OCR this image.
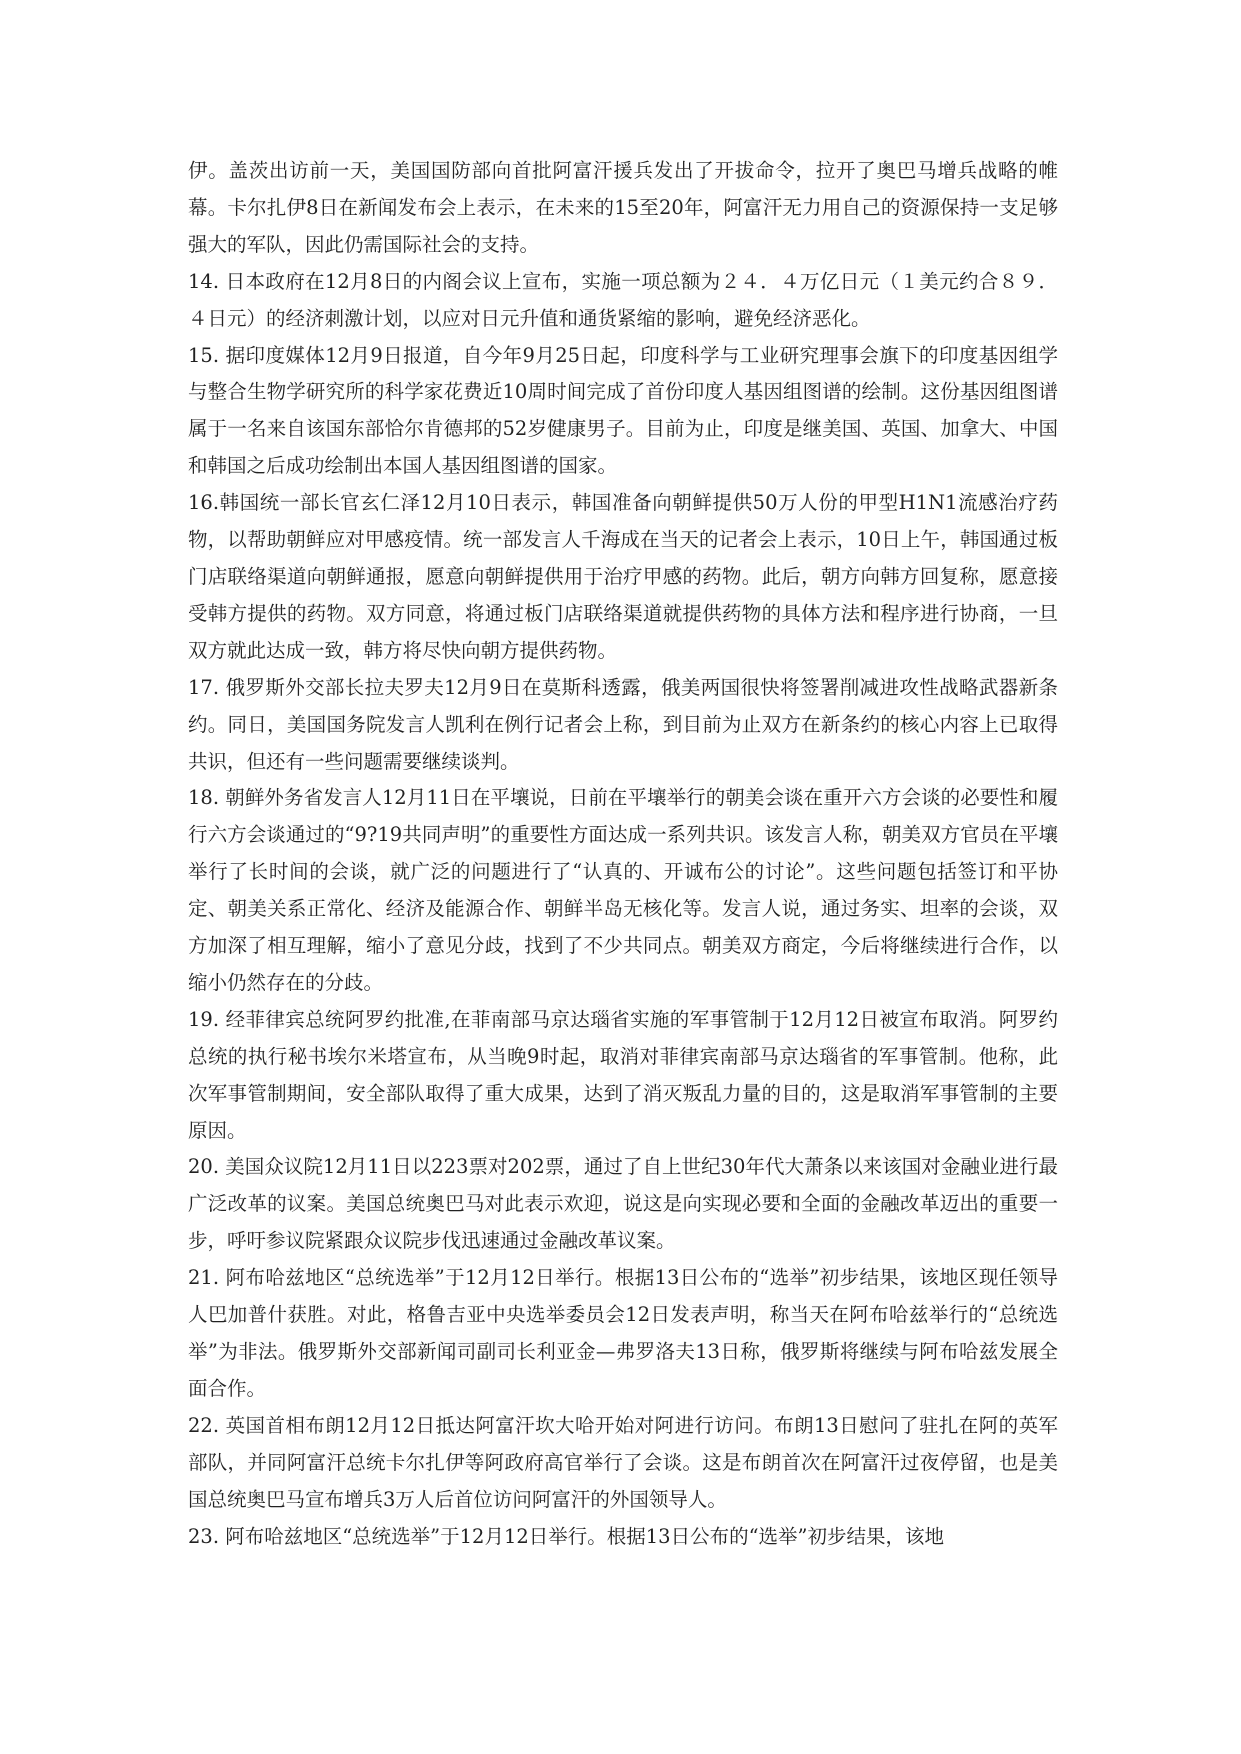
伊。盖茨出访前一天，美国国防部向首批阿富汗援兵发出了开拔命令，拉开了奥巴马增兵战略的帷幕。卡尔扎伊8日在新闻发布会上表示，在未来的15至20年，阿富汗无力用自己的资源保持一支足够强大的军队，因此仍需国际社会的支持。

14. 日本政府在12月8日的内阁会议上宣布，实施一项总额为２４．４万亿日元（１美元约合８９．４日元）的经济刺激计划，以应对日元升值和通货紧缩的影响，避免经济恶化。

15. 据印度媒体12月9日报道，自今年9月25日起，印度科学与工业研究理事会旗下的印度基因组学与整合生物学研究所的科学家花费近10周时间完成了首份印度人基因组图谱的绘制。这份基因组图谱属于一名来自该国东部恰尔肯德邦的52岁健康男子。目前为止，印度是继美国、英国、加拿大、中国和韩国之后成功绘制出本国人基因组图谱的国家。

16.韩国统一部长官玄仁泽12月10日表示，韩国准备向朝鲜提供50万人份的甲型H1N1流感治疗药物，以帮助朝鲜应对甲感疫情。统一部发言人千海成在当天的记者会上表示，10日上午，韩国通过板门店联络渠道向朝鲜通报，愿意向朝鲜提供用于治疗甲感的药物。此后，朝方向韩方回复称，愿意接受韩方提供的药物。双方同意，将通过板门店联络渠道就提供药物的具体方法和程序进行协商，一旦双方就此达成一致，韩方将尽快向朝方提供药物。

17. 俄罗斯外交部长拉夫罗夫12月9日在莫斯科透露，俄美两国很快将签署削减进攻性战略武器新条约。同日，美国国务院发言人凯利在例行记者会上称，到目前为止双方在新条约的核心内容上已取得共识，但还有一些问题需要继续谈判。

18. 朝鲜外务省发言人12月11日在平壤说，日前在平壤举行的朝美会谈在重开六方会谈的必要性和履行六方会谈通过的“9?19共同声明”的重要性方面达成一系列共识。该发言人称，朝美双方官员在平壤举行了长时间的会谈，就广泛的问题进行了“认真的、开诚布公的讨论”。这些问题包括签订和平协定、朝美关系正常化、经济及能源合作、朝鲜半岛无核化等。发言人说，通过务实、坦率的会谈，双方加深了相互理解，缩小了意见分歧，找到了不少共同点。朝美双方商定，今后将继续进行合作，以缩小仍然存在的分歧。

19. 经菲律宾总统阿罗约批准,在菲南部马京达瑙省实施的军事管制于12月12日被宣布取消。阿罗约总统的执行秘书埃尔米塔宣布，从当晚9时起，取消对菲律宾南部马京达瑙省的军事管制。他称，此次军事管制期间，安全部队取得了重大成果，达到了消灭叛乱力量的目的，这是取消军事管制的主要原因。

20. 美国众议院12月11日以223票对202票，通过了自上世纪30年代大萧条以来该国对金融业进行最广泛改革的议案。美国总统奥巴马对此表示欢迎，说这是向实现必要和全面的金融改革迈出的重要一步，呼吁参议院紧跟众议院步伐迅速通过金融改革议案。

21. 阿布哈兹地区“总统选举”于12月12日举行。根据13日公布的“选举”初步结果，该地区现任领导人巴加普什获胜。对此，格鲁吉亚中央选举委员会12日发表声明，称当天在阿布哈兹举行的“总统选举”为非法。俄罗斯外交部新闻司副司长利亚金—弗罗洛夫13日称，俄罗斯将继续与阿布哈兹发展全面合作。

22. 英国首相布朗12月12日抵达阿富汗坎大哈开始对阿进行访问。布朗13日慰问了驻扎在阿的英军部队，并同阿富汗总统卡尔扎伊等阿政府高官举行了会谈。这是布朗首次在阿富汗过夜停留，也是美国总统奥巴马宣布增兵3万人后首位访问阿富汗的外国领导人。

23. 阿布哈兹地区“总统选举”于12月12日举行。根据13日公布的“选举”初步结果，该地
